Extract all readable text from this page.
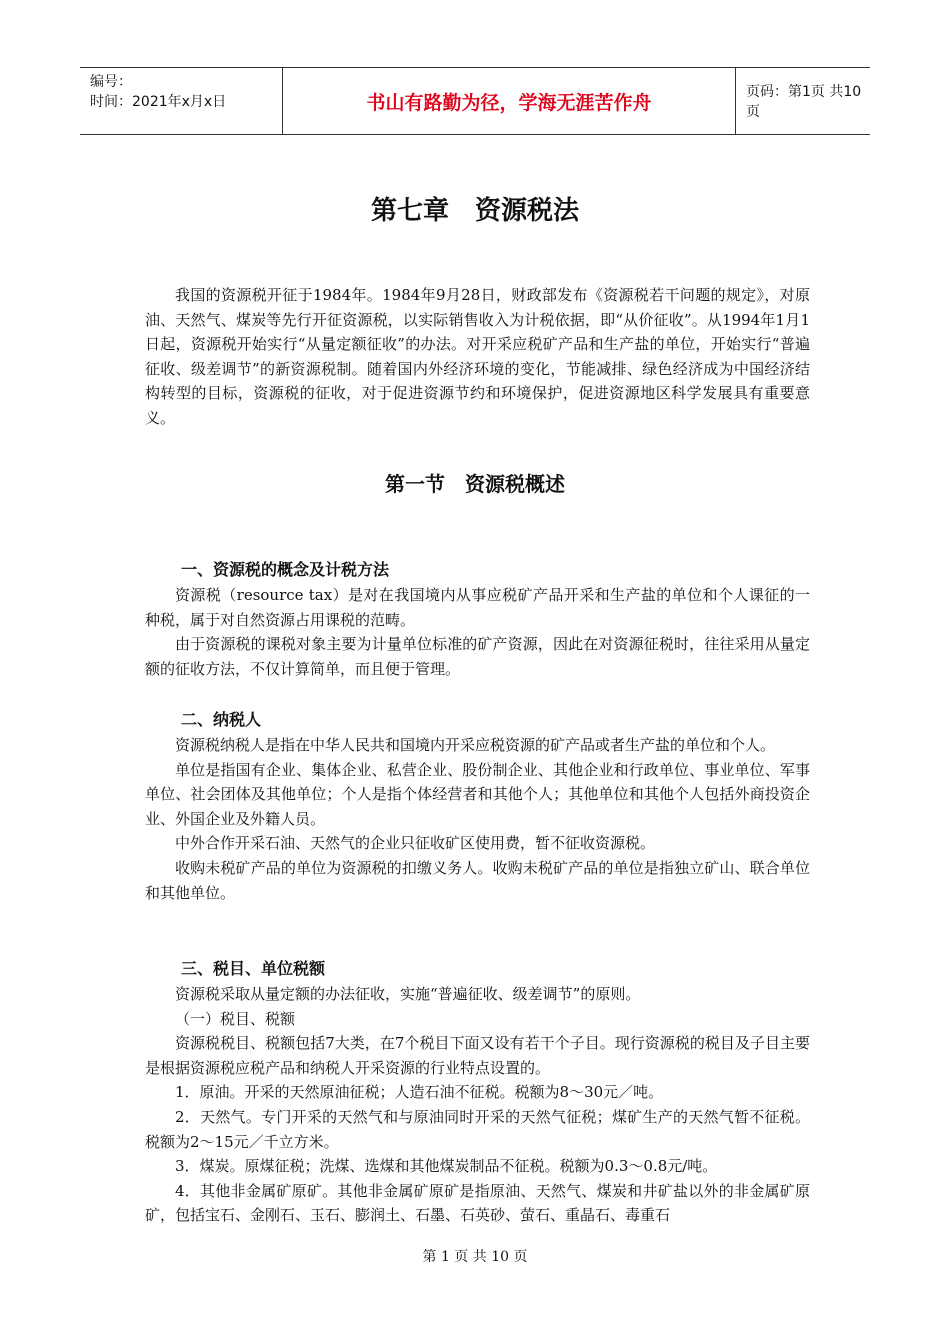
编号：
时间：2021年x月x日	书山有路勤为径，学海无涯苦作舟	页码：第1页 共10页
第七章　资源税法

我国的资源税开征于1984年。1984年9月28日，财政部发布《资源税若干问题的规定》，对原油、天然气、煤炭等先行开征资源税，以实际销售收入为计税依据，即“从价征收”。从1994年1月1日起，资源税开始实行“从量定额征收”的办法。对开采应税矿产品和生产盐的单位，开始实行“普遍征收、级差调节”的新资源税制。随着国内外经济环境的变化，节能减排、绿色经济成为中国经济结构转型的目标，资源税的征收，对于促进资源节约和环境保护，促进资源地区科学发展具有重要意义。

第一节　资源税概述
一、资源税的概念及计税方法

资源税（resource tax）是对在我国境内从事应税矿产品开采和生产盐的单位和个人课征的一种税，属于对自然资源占用课税的范畴。

由于资源税的课税对象主要为计量单位标准的矿产资源，因此在对资源征税时，往往采用从量定额的征收方法，不仅计算简单，而且便于管理。

二、纳税人

资源税纳税人是指在中华人民共和国境内开采应税资源的矿产品或者生产盐的单位和个人。

单位是指国有企业、集体企业、私营企业、股份制企业、其他企业和行政单位、事业单位、军事单位、社会团体及其他单位；个人是指个体经营者和其他个人；其他单位和其他个人包括外商投资企业、外国企业及外籍人员。

中外合作开采石油、天然气的企业只征收矿区使用费，暂不征收资源税。

收购未税矿产品的单位为资源税的扣缴义务人。收购未税矿产品的单位是指独立矿山、联合单位和其他单位。

三、税目、单位税额

资源税采取从量定额的办法征收，实施“普遍征收、级差调节”的原则。

（一）税目、税额

资源税税目、税额包括7大类，在7个税目下面又设有若干个子目。现行资源税的税目及子目主要是根据资源税应税产品和纳税人开采资源的行业特点设置的。

1．原油。开采的天然原油征税；人造石油不征税。税额为8～30元／吨。

2．天然气。专门开采的天然气和与原油同时开采的天然气征税；煤矿生产的天然气暂不征税。税额为2～15元／千立方米。

3．煤炭。原煤征税；洗煤、选煤和其他煤炭制品不征税。税额为0.3～0.8元/吨。

4．其他非金属矿原矿。其他非金属矿原矿是指原油、天然气、煤炭和井矿盐以外的非金属矿原矿，包括宝石、金刚石、玉石、膨润土、石墨、石英砂、萤石、重晶石、毒重石

第 1 页 共 10 页
